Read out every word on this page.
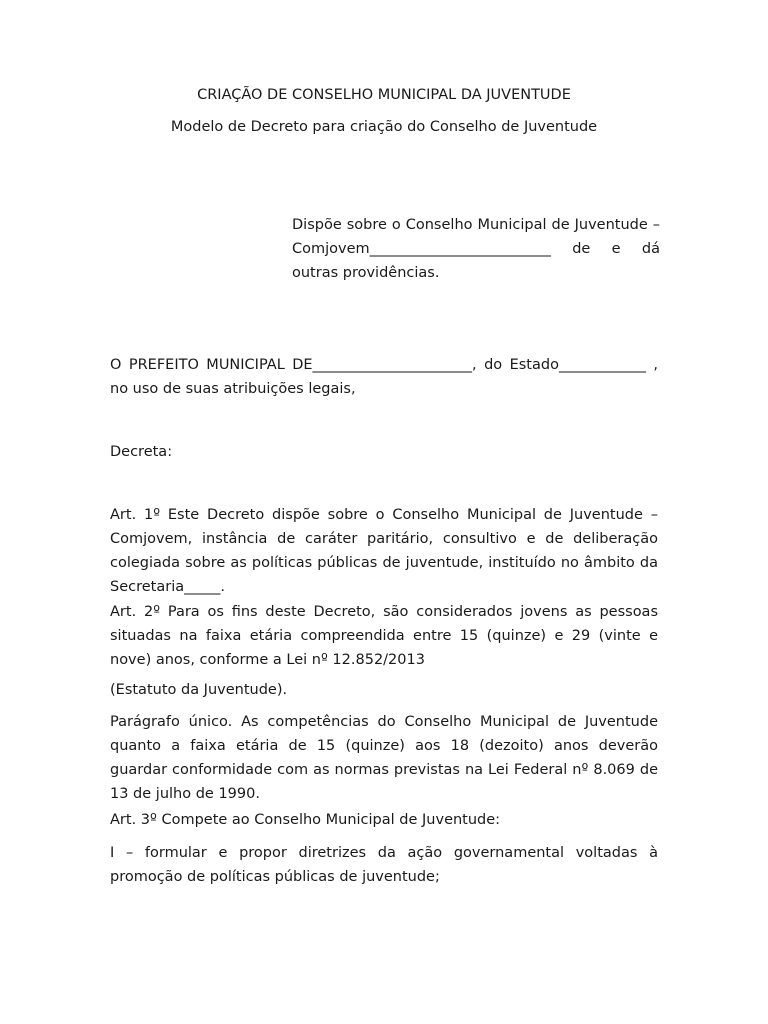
CRIAÇÃO DE CONSELHO MUNICIPAL DA JUVENTUDE

Modelo de Decreto para criação do Conselho de Juventude

Dispõe sobre o Conselho Municipal de Juventude –
Comjovem_________________________ de e dá
outras providências.

O PREFEITO MUNICIPAL DE______________________, do Estado____________ , no uso de suas atribuições legais,

Decreta:

Art. 1º Este Decreto dispõe sobre o Conselho Municipal de Juventude – Comjovem, instância de caráter paritário, consultivo e de deliberação colegiada sobre as políticas públicas de juventude, instituído no âmbito da Secretaria_____.

Art. 2º Para os fins deste Decreto, são considerados jovens as pessoas situadas na faixa etária compreendida entre 15 (quinze) e 29 (vinte e nove) anos, conforme a Lei nº 12.852/2013

(Estatuto da Juventude).

Parágrafo único. As competências do Conselho Municipal de Juventude quanto a faixa etária de 15 (quinze) aos 18 (dezoito) anos deverão guardar conformidade com as normas previstas na Lei Federal nº 8.069 de 13 de julho de 1990.

Art. 3º Compete ao Conselho Municipal de Juventude:

I – formular e propor diretrizes da ação governamental voltadas à promoção de políticas públicas de juventude;
